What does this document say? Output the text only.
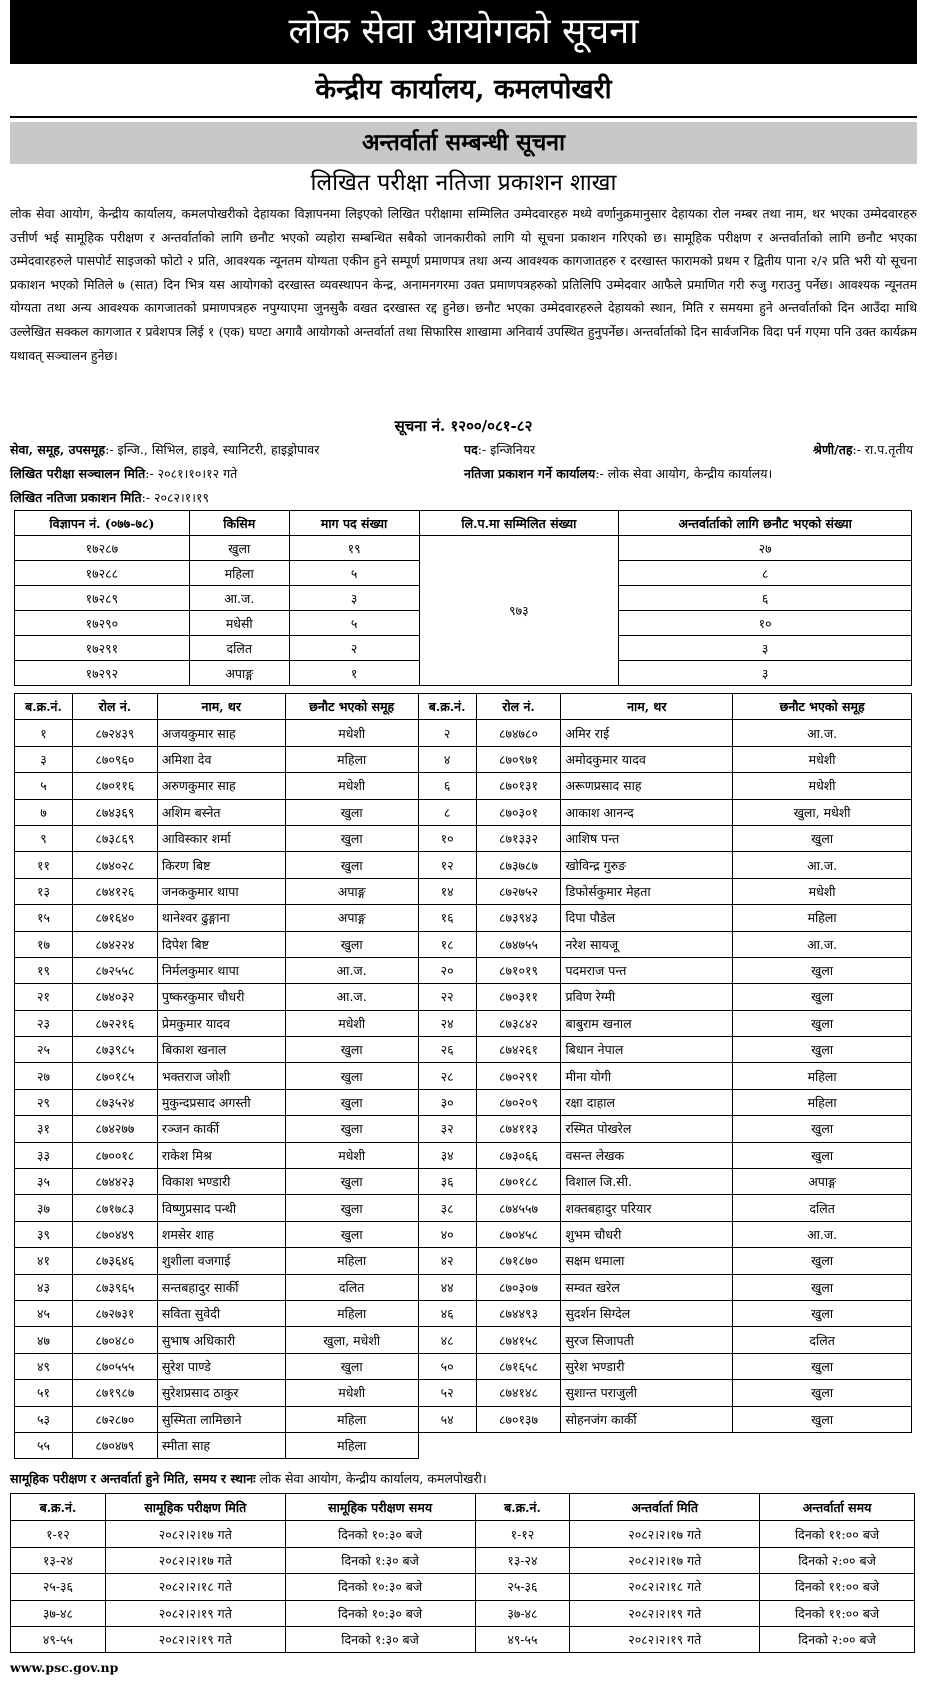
लोक सेवा आयोगको सूचना
केन्द्रीय कार्यालय, कमलपोखरी
अन्तर्वार्ता सम्बन्धी सूचना
लिखित परीक्षा नतिजा प्रकाशन शाखा

लोक सेवा आयोग, केन्द्रीय कार्यालय, कमलपोखरीको देहायका विज्ञापनमा लिइएको लिखित परीक्षामा सम्मिलित उम्मेदवारहरु मध्ये वर्णानुक्रमानुसार देहायका रोल नम्बर तथा नाम, थर भएका उम्मेदवारहरु उत्तीर्ण भई सामूहिक परीक्षण र अन्तर्वार्ताको लागि छनौट भएको व्यहोरा सम्बन्धित सबैको जानकारीको लागि यो सूचना प्रकाशन गरिएको छ। सामूहिक परीक्षण र अन्तर्वार्ताको लागि छनौट भएका उम्मेदवारहरुले पासपोर्ट साइजको फोटो २ प्रति, आवश्यक न्यूनतम योग्यता एकीन हुने सम्पूर्ण प्रमाणपत्र तथा अन्य आवश्यक कागजातहरु र दरखास्त फारामको प्रथम र द्वितीय पाना २/२ प्रति भरी यो सूचना प्रकाशन भएको मितिले ७ (सात) दिन भित्र यस आयोगको दरखास्त व्यवस्थापन केन्द्र, अनामनगरमा उक्त प्रमाणपत्रहरुको प्रतिलिपि उम्मेदवार आफैले प्रमाणित गरी रुजु गराउनु पर्नेछ। आवश्यक न्यूनतम योग्यता तथा अन्य आवश्यक कागजातको प्रमाणपत्रहरु नपुग्याएमा जुनसुकै वखत दरखास्त रद्द हुनेछ। छनौट भएका उम्मेदवारहरुले देहायको स्थान, मिति र समयमा हुने अन्तर्वार्ताको दिन आउँदा माथि उल्लेखित सक्कल कागजात र प्रवेशपत्र लिई १ (एक) घण्टा अगावै आयोगको अन्तर्वार्ता तथा सिफारिस शाखामा अनिवार्य उपस्थित हुनुपर्नेछ। अन्तर्वार्ताको दिन सार्वजनिक विदा पर्न गएमा पनि उक्त कार्यक्रम यथावत् सञ्चालन हुनेछ।

सूचना नं. १२००/०८१-८२
सेवा, समूह, उपसमूह:- इन्जि., सिभिल, हाइवे, स्यानिटरी, हाइड्रोपावर	पद:- इन्जिनियर	श्रेणी/तह:- रा.प.तृतीय
लिखित परीक्षा सञ्चालन मिति:- २०८१।१०।१२ गते	नतिजा प्रकाशन गर्ने कार्यालय:- लोक सेवा आयोग, केन्द्रीय कार्यालय।
लिखित नतिजा प्रकाशन मिति:- २०८२।१।१९
विज्ञापन नं. (०७७-७८)	किसिम	माग पद संख्या	लि.प.मा सम्मिलित संख्या	अन्तर्वार्ताको लागि छनौट भएको संख्या
१७२८७	खुला	१९	९७३	२७
१७२८८	महिला	५		८
१७२८९	आ.ज.	३		६
१७२९०	मधेसी	५		१०
१७२९१	दलित	२		३
१७२९२	अपाङ्ग	१		३
ब.क्र.नं.	रोल नं.	नाम, थर	छनौट भएको समूह	ब.क्र.नं.	रोल नं.	नाम, थर	छनौट भएको समूह
१	८७२४३९	अजयकुमार साह	मधेशी	२	८७४७८०	अमिर राई	आ.ज.
३	८७०९६०	अमिशा देव	महिला	४	८७०९७१	अमोदकुमार यादव	मधेशी
५	८७०११६	अरुणकुमार साह	मधेशी	६	८७०१३१	अरूणप्रसाद साह	मधेशी
७	८७४३६९	अशिम बस्नेत	खुला	८	८७०३०१	आकाश आनन्द	खुला, मधेशी
९	८७३८६९	आविस्कार शर्मा	खुला	१०	८७१३३२	आशिष पन्त	खुला
११	८७४०२८	किरण बिष्ट	खुला	१२	८७३७८७	खोविन्द्र गुरुङ	आ.ज.
१३	८७४१२६	जनककुमार थापा	अपाङ्ग	१४	८७२७५२	डिफोर्सकुमार मेहता	मधेशी
१५	८७१६४०	थानेश्वर ढुङ्गाना	अपाङ्ग	१६	८७३९४३	दिपा पौडेल	महिला
१७	८७४२२४	दिपेश बिष्ट	खुला	१८	८७४७५५	नरेश सायजू	आ.ज.
१९	८७२५५८	निर्मलकुमार थापा	आ.ज.	२०	८७१०१९	पदमराज पन्त	खुला
२१	८७४०३२	पुष्करकुमार चौधरी	आ.ज.	२२	८७०३११	प्रविण रेग्मी	खुला
२३	८७२२१६	प्रेमकुमार यादव	मधेशी	२४	८७३८४२	बाबुराम खनाल	खुला
२५	८७३९८५	बिकाश खनाल	खुला	२६	८७४२६१	बिधान नेपाल	खुला
२७	८७०१८५	भक्तराज जोशी	खुला	२८	८७०२९१	मीना योगी	महिला
२९	८७३५२४	मुकुन्दप्रसाद अगस्ती	खुला	३०	८७०२०९	रक्षा दाहाल	महिला
३१	८७४२७७	रञ्जन कार्की	खुला	३२	८७४११३	रस्मित पोखरेल	खुला
३३	८७००१८	राकेश मिश्र	मधेशी	३४	८७३०६६	वसन्त लेखक	खुला
३५	८७४४२३	विकाश भण्डारी	खुला	३६	८७०१८८	विशाल जि.सी.	अपाङ्ग
३७	८७१७८३	विष्णुप्रसाद पन्थी	खुला	३८	८७४५५७	शक्तबहादुर परियार	दलित
३९	८७०४४९	शमसेर शाह	खुला	४०	८७०४५८	शुभम चौधरी	आ.ज.
४१	८७३६४६	शुशीला वजगाई	महिला	४२	८७१८७०	सक्षम धमाला	खुला
४३	८७३९६५	सन्तबहादुर सार्की	दलित	४४	८७०३०७	सम्वत खरेल	खुला
४५	८७२७३१	सविता सुवेदी	महिला	४६	८७४४९३	सुदर्शन सिग्देल	खुला
४७	८७०४८०	सुभाष अधिकारी	खुला, मधेशी	४८	८७४१५८	सुरज सिजापती	दलित
४९	८७०५५५	सुरेश पाण्डे	खुला	५०	८७१६५८	सुरेश भण्डारी	खुला
५१	८७१९८७	सुरेशप्रसाद ठाकुर	मधेशी	५२	८७४१४८	सुशान्त पराजुली	खुला
५३	८७२८७०	सुस्मिता लामिछाने	महिला	५४	८७०१३७	सोहनजंग कार्की	खुला
५५	८७०४७९	स्मीता साह	महिला				
सामूहिक परीक्षण र अन्तर्वार्ता हुने मिति, समय र स्थानः लोक सेवा आयोग, केन्द्रीय कार्यालय, कमलपोखरी।
ब.क्र.नं.	सामूहिक परीक्षण मिति	सामूहिक परीक्षण समय	ब.क्र.नं.	अन्तर्वार्ता मिति	अन्तर्वार्ता समय
१-१२	२०८२।२।१७ गते	दिनको १०:३० बजे	१-१२	२०८२।२।१७ गते	दिनको ११:०० बजे
१३-२४	२०८२।२।१७ गते	दिनको १:३० बजे	१३-२४	२०८२।२।१७ गते	दिनको २:०० बजे
२५-३६	२०८२।२।१८ गते	दिनको १०:३० बजे	२५-३६	२०८२।२।१८ गते	दिनको ११:०० बजे
३७-४८	२०८२।२।१९ गते	दिनको १०:३० बजे	३७-४८	२०८२।२।१९ गते	दिनको ११:०० बजे
४९-५५	२०८२।२।१९ गते	दिनको १:३० बजे	४९-५५	२०८२।२।१९ गते	दिनको २:०० बजे
www.psc.gov.np
